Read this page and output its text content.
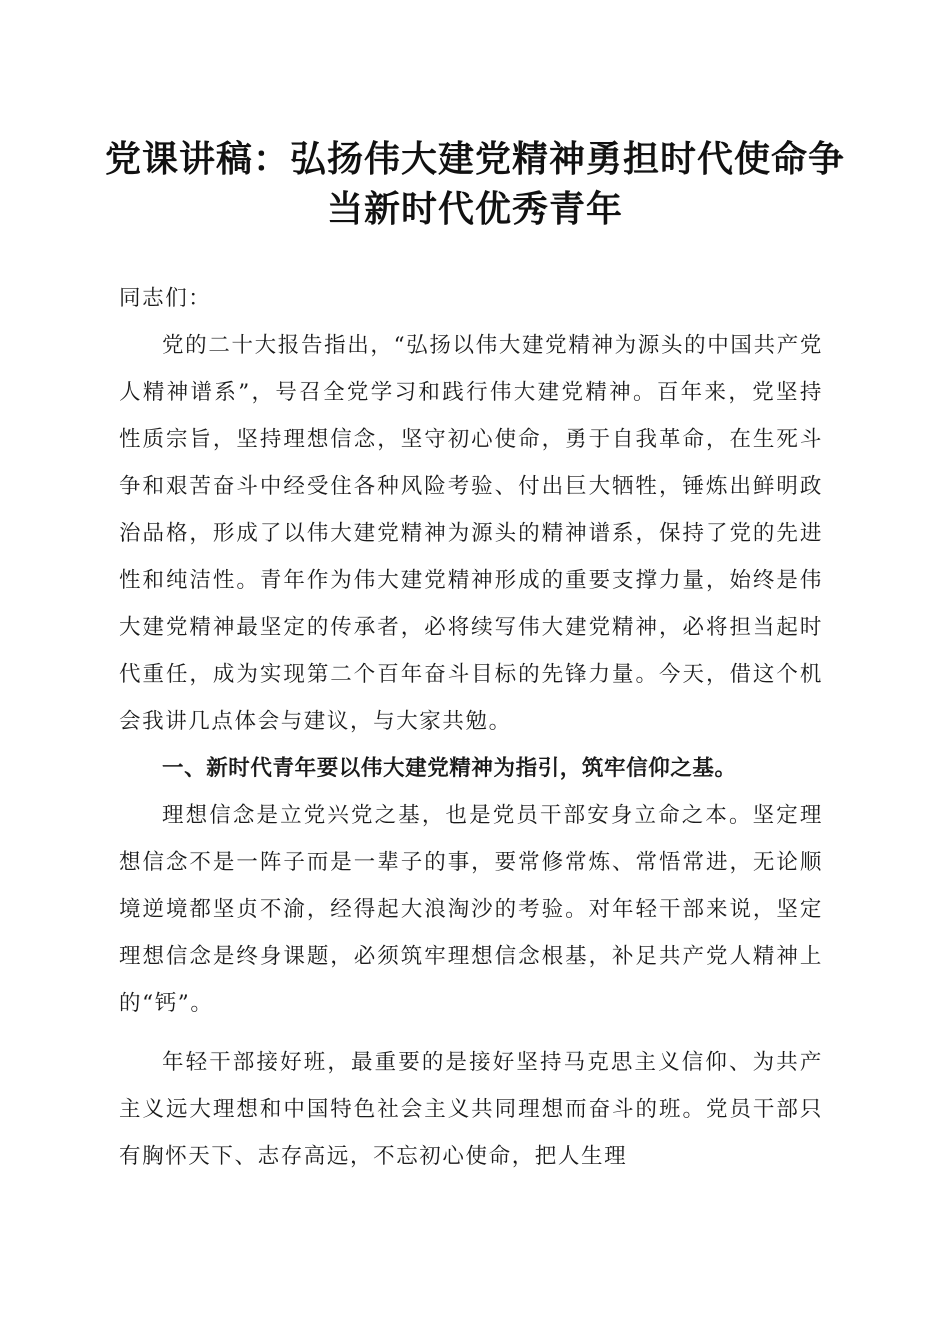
党课讲稿：弘扬伟大建党精神勇担时代使命争当新时代优秀青年

同志们：

党的二十大报告指出，“弘扬以伟大建党精神为源头的中国共产党人精神谱系”，号召全党学习和践行伟大建党精神。百年来，党坚持性质宗旨，坚持理想信念，坚守初心使命，勇于自我革命，在生死斗争和艰苦奋斗中经受住各种风险考验、付出巨大牺牲，锤炼出鲜明政治品格，形成了以伟大建党精神为源头的精神谱系，保持了党的先进性和纯洁性。青年作为伟大建党精神形成的重要支撑力量，始终是伟大建党精神最坚定的传承者，必将续写伟大建党精神，必将担当起时代重任，成为实现第二个百年奋斗目标的先锋力量。今天，借这个机会我讲几点体会与建议，与大家共勉。

一、新时代青年要以伟大建党精神为指引，筑牢信仰之基。

理想信念是立党兴党之基，也是党员干部安身立命之本。坚定理想信念不是一阵子而是一辈子的事，要常修常炼、常悟常进，无论顺境逆境都坚贞不渝，经得起大浪淘沙的考验。对年轻干部来说，坚定理想信念是终身课题，必须筑牢理想信念根基，补足共产党人精神上的“钙”。

年轻干部接好班，最重要的是接好坚持马克思主义信仰、为共产主义远大理想和中国特色社会主义共同理想而奋斗的班。党员干部只有胸怀天下、志存高远，不忘初心使命，把人生理
